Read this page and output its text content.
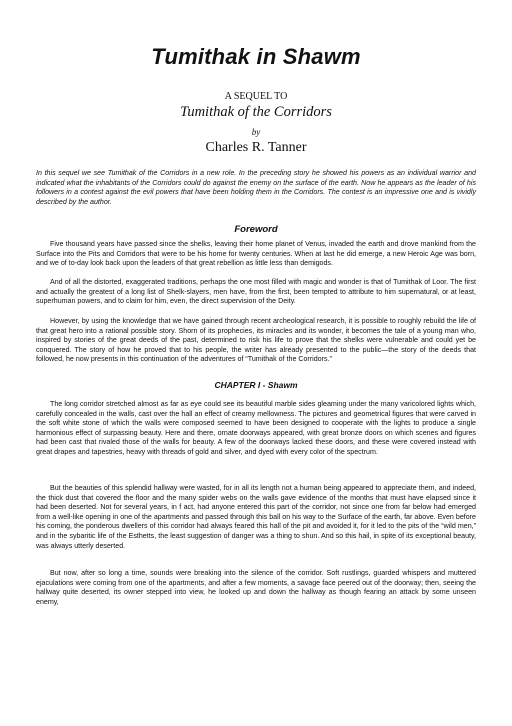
Tumithak in Shawm
A SEQUEL TO
Tumithak of the Corridors
by
Charles R. Tanner

In this sequel we see Tumithak of the Corridors in a new role. In the preceding story he showed his powers as an individual warrior and indicated what the inhabitants of the Corridors could do against the enemy on the surface of the earth. Now he appears as the leader of his followers in a contest against the evil powers that have been holding them in the Corridors. The contest is an impressive one and is vividly described by the author.

Foreword

Five thousand years have passed since the shelks, leaving their home planet of Venus, invaded the earth and drove mankind from the Surface into the Pits and Corridors that were to be his home for twenty centuries. When at last he did emerge, a new Heroic Age was born, and we of to-day look back upon the leaders of that great rebellion as little less than demigods.

And of all the distorted, exaggerated traditions, perhaps the one most filled with magic and wonder is that of Tumithak of Loor. The first and actually the greatest of a long list of Shelk-slayers, men have, from the first, been tempted to attribute to him supernatural, or at least, superhuman powers, and to claim for him, even, the direct supervision of the Deity.

However, by using the knowledge that we have gained through recent archeological research, it is possible to roughly rebuild the life of that great hero into a rational possible story. Shorn of its prophecies, its miracles and its wonder, it becomes the tale of a young man who, inspired by stories of the great deeds of the past, determined to risk his life to prove that the shelks were vulnerable and could yet be conquered. The story of how he proved that to his people, the writer has already presented to the public—the story of the deeds that followed, he now presents in this continuation of the adventures of “Tumithak of the Corridors.”

CHAPTER I - Shawm

The long corridor stretched almost as far as eye could see its beautiful marble sides gleaming under the many varicolored lights which, carefully concealed in the walls, cast over the hall an effect of creamy mellowness. The pictures and geometrical figures that were carved in the soft white stone of which the walls were composed seemed to have been designed to cooperate with the lights to produce a single harmonious effect of surpassing beauty. Here and there, ornate doorways appeared, with great bronze doors on which scenes and figures had been cast that rivaled those of the walls for beauty. A few of the doorways lacked these doors, and these were covered instead with great drapes and tapestries, heavy with threads of gold and silver, and dyed with every color of the spectrum.

But the beauties of this splendid hallway were wasted, for in all its length not a human being appeared to appreciate them, and indeed, the thick dust that covered the floor and the many spider webs on the walls gave evidence of the months that must have elapsed since it had been deserted. Not for several years, in f act, had anyone entered this part of the corridor, not since one from far below had emerged from a well-like opening in one of the apartments and passed through this ball on his way to the Surface of the earth, far above. Even before his coming, the ponderous dwellers of this corridor had always feared this hall of the pit and avoided it, for it led to the pits of the “wild men,” and in the sybaritic life of the Esthetts, the least suggestion of danger was a thing to shun. And so this hail, in spite of its exceptional beauty, was always utterly deserted.

But now, after so long a time, sounds were breaking into the silence of the corridor. Soft rustlings, guarded whispers and muttered ejaculations were coming from one of the apartments, and after a few moments, a savage face peered out of the doorway; then, seeing the hallway quite deserted, its owner stepped into view, he looked up and down the hallway as though fearing an attack by some unseen enemy,
